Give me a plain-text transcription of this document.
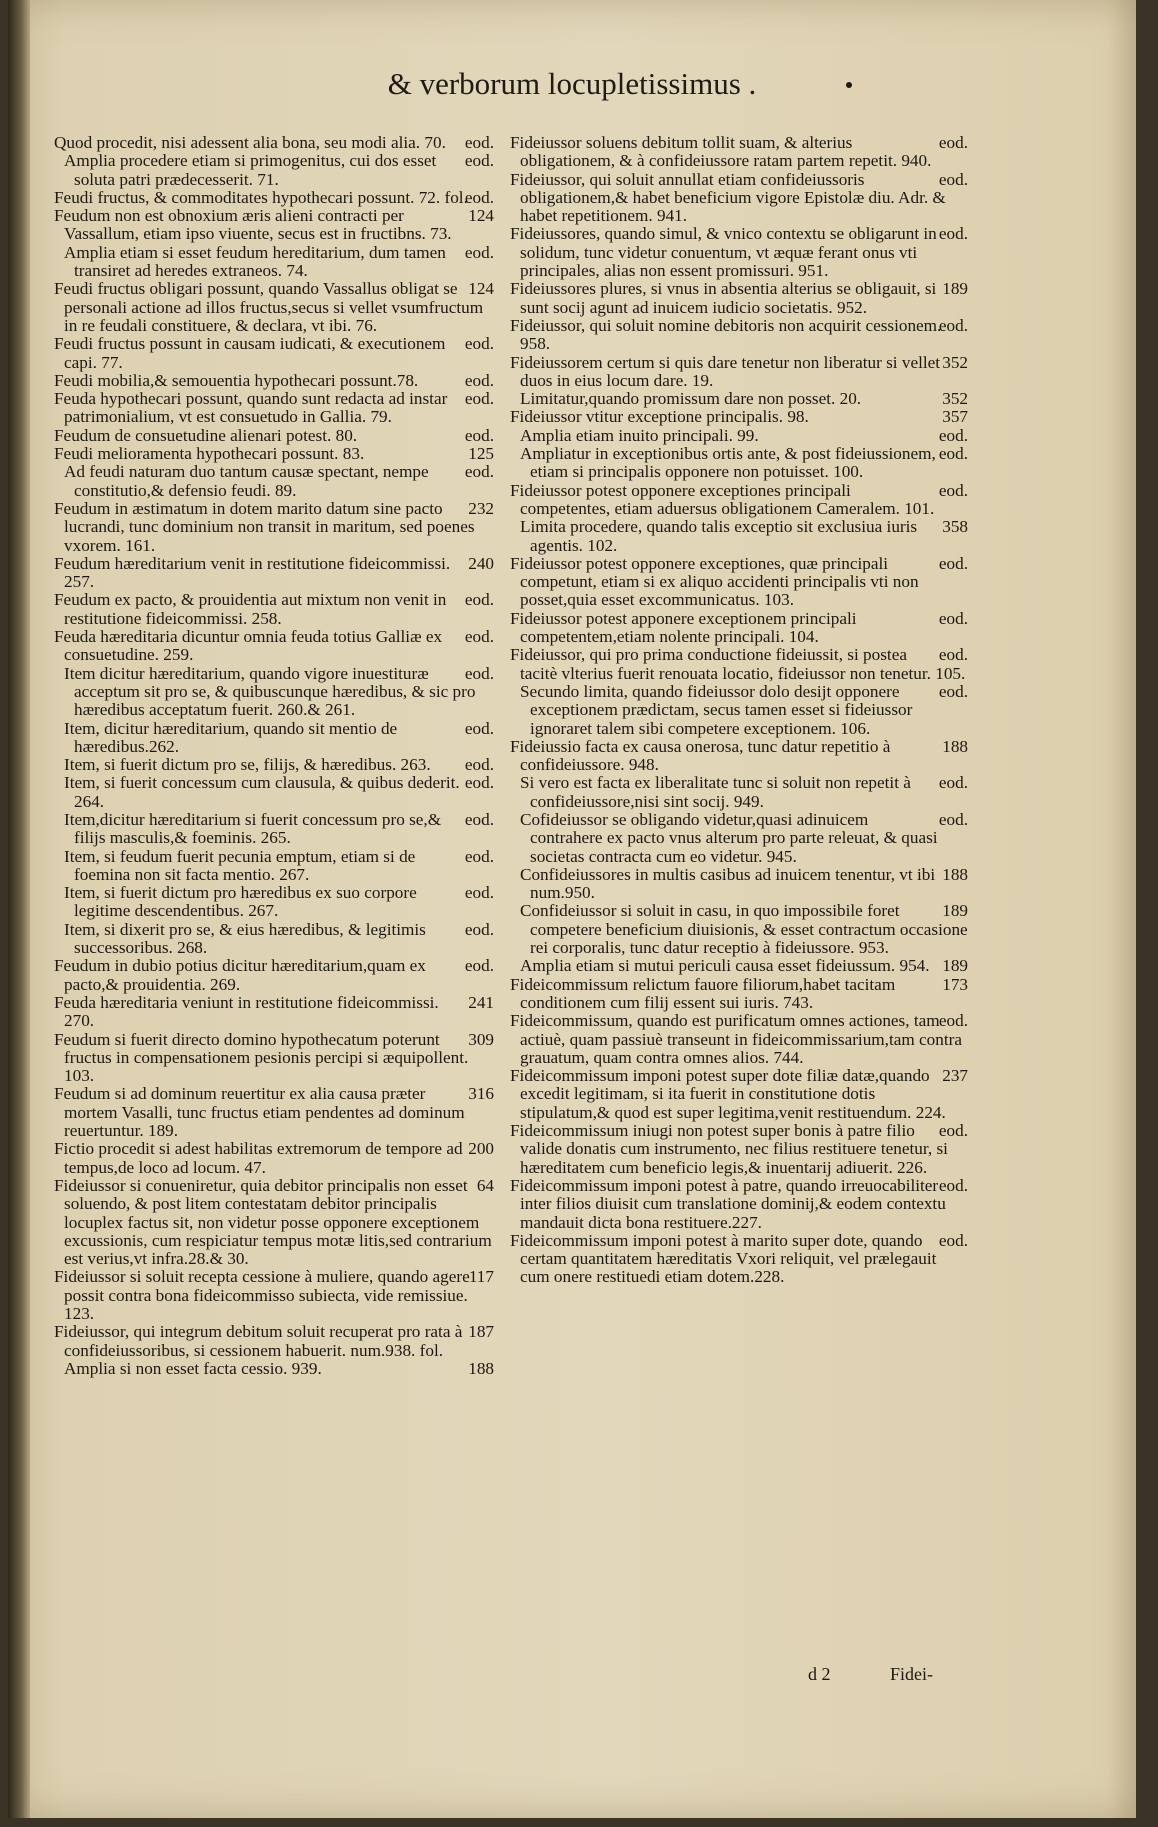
& verborum locupletissimus .

eod.
Quod procedit, nisi adessent alia bona, seu modi alia. 70.

eod.
Amplia procedere etiam si primogenitus, cui dos esset soluta patri prædecesserit. 71.

eod.
Feudi fructus, & commoditates hypothecari possunt. 72. fol.

124
Feudum non est obnoxium æris alieni contracti per Vassallum, etiam ipso viuente, secus est in fructibns. 73.

eod.
Amplia etiam si esset feudum hereditarium, dum tamen transiret ad heredes extraneos. 74.

124
Feudi fructus obligari possunt, quando Vassallus obligat se personali actione ad illos fructus,secus si vellet vsumfructum in re feudali constituere, & declara, vt ibi. 76.

eod.
Feudi fructus possunt in causam iudicati, & executionem capi. 77.

eod.
Feudi mobilia,& semouentia hypothecari possunt.78.

eod.
Feuda hypothecari possunt, quando sunt redacta ad instar patrimonialium, vt est consuetudo in Gallia. 79.

eod.
Feudum de consuetudine alienari potest. 80.

125
Feudi melioramenta hypothecari possunt. 83.

eod.
Ad feudi naturam duo tantum causæ spectant, nempe constitutio,& defensio feudi. 89.

232
Feudum in æstimatum in dotem marito datum sine pacto lucrandi, tunc dominium non transit in maritum, sed poenes vxorem. 161.

240
Feudum hæreditarium venit in restitutione fideicommissi. 257.

eod.
Feudum ex pacto, & prouidentia aut mixtum non venit in restitutione fideicommissi. 258.

eod.
Feuda hæreditaria dicuntur omnia feuda totius Galliæ ex consuetudine. 259.

eod.
Item dicitur hæreditarium, quando vigore inuestituræ acceptum sit pro se, & quibuscunque hæredibus, & sic pro hæredibus acceptatum fuerit. 260.& 261.

eod.
Item, dicitur hæreditarium, quando sit mentio de hæredibus.262.

eod.
Item, si fuerit dictum pro se, filijs, & hæredibus. 263.

eod.
Item, si fuerit concessum cum clausula, & quibus dederit. 264.

eod.
Item,dicitur hæreditarium si fuerit concessum pro se,& filijs masculis,& foeminis. 265.

eod.
Item, si feudum fuerit pecunia emptum, etiam si de foemina non sit facta mentio. 267.

eod.
Item, si fuerit dictum pro hæredibus ex suo corpore legitime descendentibus. 267.

eod.
Item, si dixerit pro se, & eius hæredibus, & legitimis successoribus. 268.

eod.
Feudum in dubio potius dicitur hæreditarium,quam ex pacto,& prouidentia. 269.

241
Feuda hæreditaria veniunt in restitutione fideicommissi. 270.

309
Feudum si fuerit directo domino hypothecatum poterunt fructus in compensationem pesionis percipi si æquipollent. 103.

316
Feudum si ad dominum reuertitur ex alia causa præter mortem Vasalli, tunc fructus etiam pendentes ad dominum reuertuntur. 189.

200
Fictio procedit si adest habilitas extremorum de tempore ad tempus,de loco ad locum. 47.

64
Fideiussor si conueniretur, quia debitor principalis non esset soluendo, & post litem contestatam debitor principalis locuplex factus sit, non videtur posse opponere exceptionem excussionis, cum respiciatur tempus motæ litis,sed contrarium est verius,vt infra.28.& 30.

117
Fideiussor si soluit recepta cessione à muliere, quando agere possit contra bona fideicommisso subiecta, vide remissiue. 123.

187
Fideiussor, qui integrum debitum soluit recuperat pro rata à confideiussoribus, si cessionem habuerit. num.938. fol.

188
Amplia si non esset facta cessio. 939.

eod.
Fideiussor soluens debitum tollit suam, & alterius obligationem, & à confideiussore ratam partem repetit. 940.

eod.
Fideiussor, qui soluit annullat etiam confideiussoris obligationem,& habet beneficium vigore Epistolæ diu. Adr. & habet repetitionem. 941.

eod.
Fideiussores, quando simul, & vnico contextu se obligarunt in solidum, tunc videtur conuentum, vt æquæ ferant onus vti principales, alias non essent promissuri. 951.

189
Fideiussores plures, si vnus in absentia alterius se obligauit, si sunt socij agunt ad inuicem iudicio societatis. 952.

eod.
Fideiussor, qui soluit nomine debitoris non acquirit cessionem. 958.

352
Fideiussorem certum si quis dare tenetur non liberatur si vellet duos in eius locum dare. 19.

352
Limitatur,quando promissum dare non posset. 20.

357
Fideiussor vtitur exceptione principalis. 98.

eod.
Amplia etiam inuito principali. 99.

eod.
Ampliatur in exceptionibus ortis ante, & post fideiussionem, etiam si principalis opponere non potuisset. 100.

eod.
Fideiussor potest opponere exceptiones principali competentes, etiam aduersus obligationem Cameralem. 101.

358
Limita procedere, quando talis exceptio sit exclusiua iuris agentis. 102.

eod.
Fideiussor potest opponere exceptiones, quæ principali competunt, etiam si ex aliquo accidenti principalis vti non posset,quia esset excommunicatus. 103.

eod.
Fideiussor potest apponere exceptionem principali competentem,etiam nolente principali. 104.

eod.
Fideiussor, qui pro prima conductione fideiussit, si postea tacitè vlterius fuerit renouata locatio, fideiussor non tenetur. 105.

eod.
Secundo limita, quando fideiussor dolo desijt opponere exceptionem prædictam, secus tamen esset si fideiussor ignoraret talem sibi competere exceptionem. 106.

188
Fideiussio facta ex causa onerosa, tunc datur repetitio à confideiussore. 948.

eod.
Si vero est facta ex liberalitate tunc si soluit non repetit à confideiussore,nisi sint socij. 949.

eod.
Cofideiussor se obligando videtur,quasi adinuicem contrahere ex pacto vnus alterum pro parte releuat, & quasi societas contracta cum eo videtur. 945.

188
Confideiussores in multis casibus ad inuicem tenentur, vt ibi num.950.

189
Confideiussor si soluit in casu, in quo impossibile foret competere beneficium diuisionis, & esset contractum occasione rei corporalis, tunc datur receptio à fideiussore. 953.

189
Amplia etiam si mutui periculi causa esset fideiussum. 954.

173
Fideicommissum relictum fauore filiorum,habet tacitam conditionem cum filij essent sui iuris. 743.

eod.
Fideicommissum, quando est purificatum omnes actiones, tam actiuè, quam passiuè transeunt in fideicommissarium,tam contra grauatum, quam contra omnes alios. 744.

237
Fideicommissum imponi potest super dote filiæ datæ,quando excedit legitimam, si ita fuerit in constitutione dotis stipulatum,& quod est super legitima,venit restituendum. 224.

eod.
Fideicommissum iniugi non potest super bonis à patre filio valide donatis cum instrumento, nec filius restituere tenetur, si hæreditatem cum beneficio legis,& inuentarij adiuerit. 226.

eod.
Fideicommissum imponi potest à patre, quando irreuocabiliter inter filios diuisit cum translatione dominij,& eodem contextu mandauit dicta bona restituere.227.

eod.
Fideicommissum imponi potest à marito super dote, quando certam quantitatem hæreditatis Vxori reliquit, vel prælegauit cum onere restituedi etiam dotem.228.

d 2	Fidei-
